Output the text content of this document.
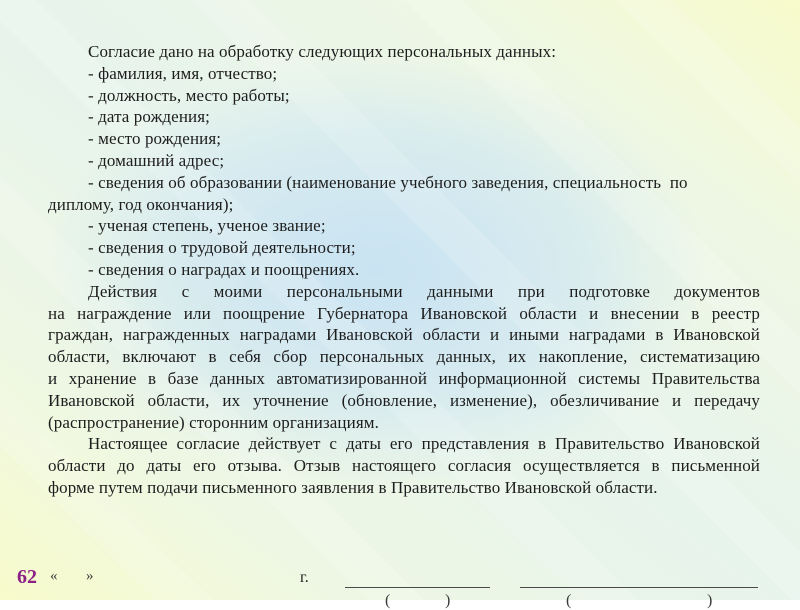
Согласие дано на обработку следующих персональных данных:
- фамилия, имя, отчество;
- должность, место работы;
- дата рождения;
- место рождения;
- домашний адрес;
- сведения об образовании (наименование учебного заведения, специальность  по
диплому, год окончания);
- ученая степень, ученое звание;
- сведения о трудовой деятельности;
- сведения о наградах и поощрениях.
Действия с моими персональными данными при подготовке документов
на награждение или поощрение Губернатора Ивановской области и внесении в реестр
граждан, награжденных наградами Ивановской области и иными наградами в Ивановской
области, включают в себя сбор персональных данных, их накопление, систематизацию
и хранение в базе данных автоматизированной информационной системы Правительства
Ивановской области, их уточнение (обновление, изменение), обезличивание и передачу
(распространение) сторонним организациям.
Настоящее согласие действует с даты его представления в Правительство Ивановской
области до даты его отзыва. Отзыв настоящего согласия осуществляется в письменной
форме путем подачи письменного заявления в Правительство Ивановской области.
62 « »	г.
(	)	(	)
